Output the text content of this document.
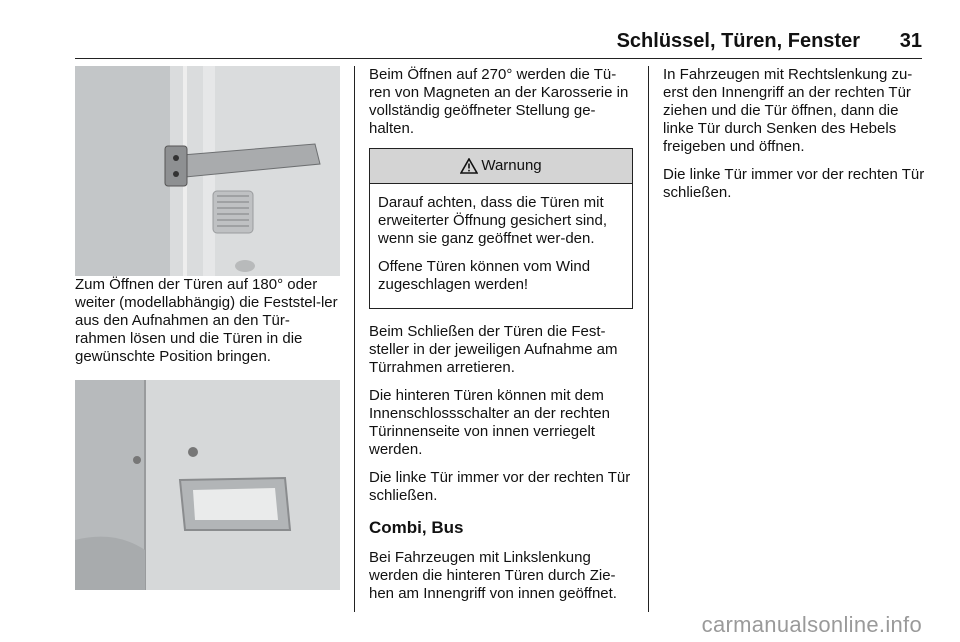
Schlüssel, Türen, Fenster 31

Zum Öffnen der Türen auf 180° oder weiter (modellabhängig) die Feststel-ler aus den Aufnahmen an den Tür-rahmen lösen und die Türen in die gewünschte Position bringen.

Beim Öffnen auf 270° werden die Tü-ren von Magneten an der Karosserie in vollständig geöffneter Stellung ge-halten.

Warnung

Darauf achten, dass die Türen mit erweiterter Öffnung gesichert sind, wenn sie ganz geöffnet wer-den.

Offene Türen können vom Wind zugeschlagen werden!

Beim Schließen der Türen die Fest-steller in der jeweiligen Aufnahme am Türrahmen arretieren.

Die hinteren Türen können mit dem Innenschlossschalter an der rechten Türinnenseite von innen verriegelt werden.

Die linke Tür immer vor der rechten Tür schließen.

Combi, Bus

Bei Fahrzeugen mit Linkslenkung werden die hinteren Türen durch Zie-hen am Innengriff von innen geöffnet.

In Fahrzeugen mit Rechtslenkung zu-erst den Innengriff an der rechten Tür ziehen und die Tür öffnen, dann die linke Tür durch Senken des Hebels freigeben und öffnen.

Die linke Tür immer vor der rechten Tür schließen.

carmanualsonline.info
